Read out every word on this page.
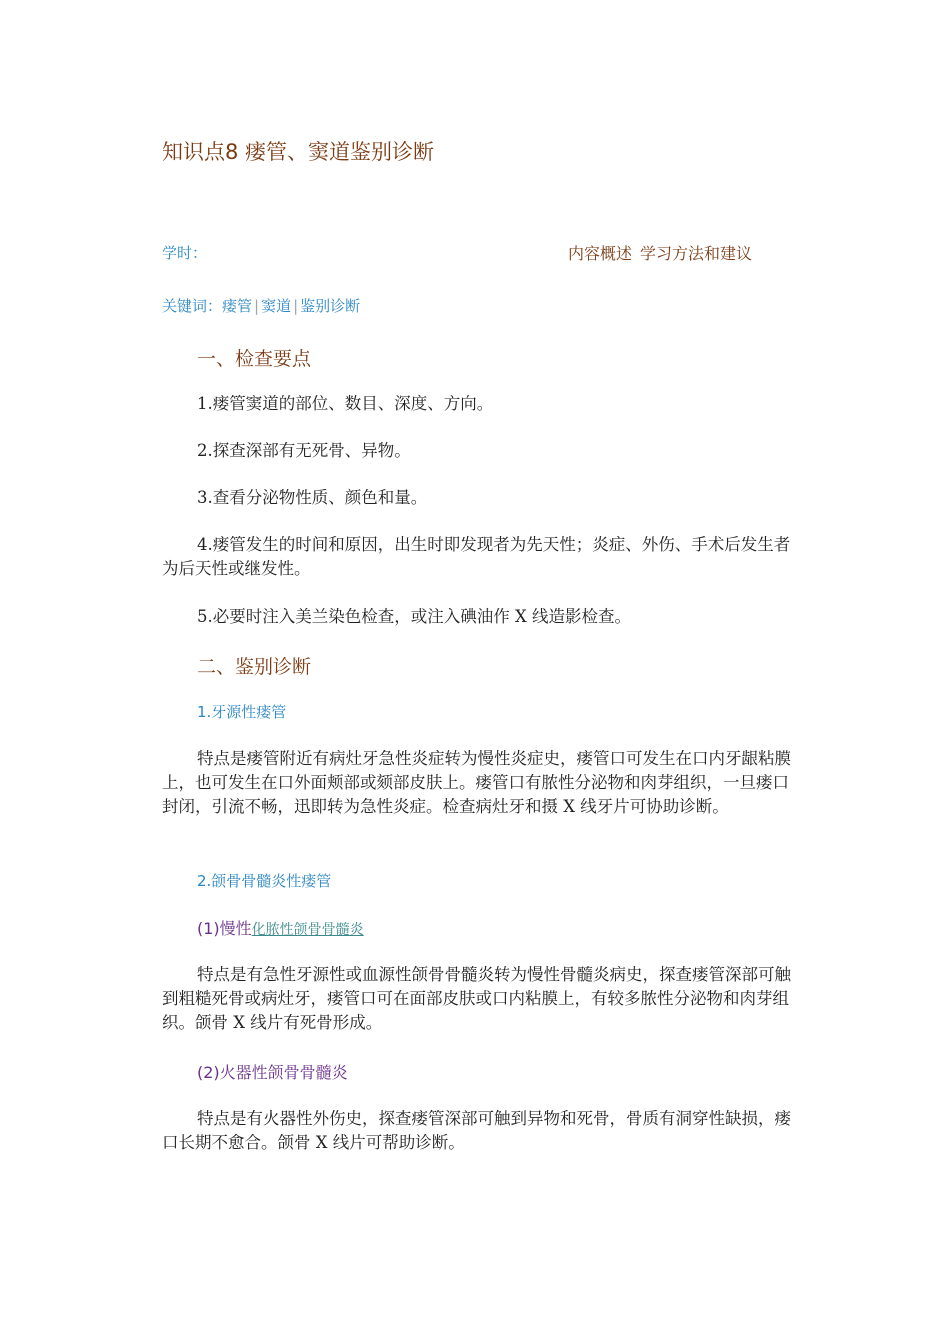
知识点8 瘘管、窦道鉴别诊断
学时：	内容概述 学习方法和建议
关键词：瘘管 | 窦道 | 鉴别诊断
一、检查要点
1.瘘管窦道的部位、数目、深度、方向。
2.探查深部有无死骨、异物。
3.查看分泌物性质、颜色和量。
4.瘘管发生的时间和原因，出生时即发现者为先天性；炎症、外伤、手术后发生者为后天性或继发性。
5.必要时注入美兰染色检查，或注入碘油作 X 线造影检查。
二、鉴别诊断
1.牙源性瘘管
特点是瘘管附近有病灶牙急性炎症转为慢性炎症史，瘘管口可发生在口内牙龈粘膜上，也可发生在口外面颊部或颏部皮肤上。瘘管口有脓性分泌物和肉芽组织，一旦瘘口封闭，引流不畅，迅即转为急性炎症。检查病灶牙和摄 X 线牙片可协助诊断。
2.颌骨骨髓炎性瘘管
(1)慢性化脓性颌骨骨髓炎
特点是有急性牙源性或血源性颌骨骨髓炎转为慢性骨髓炎病史，探查瘘管深部可触到粗糙死骨或病灶牙，瘘管口可在面部皮肤或口内粘膜上，有较多脓性分泌物和肉芽组织。颌骨 X 线片有死骨形成。
(2)火器性颌骨骨髓炎
特点是有火器性外伤史，探查瘘管深部可触到异物和死骨，骨质有洞穿性缺损，瘘口长期不愈合。颌骨 X 线片可帮助诊断。
